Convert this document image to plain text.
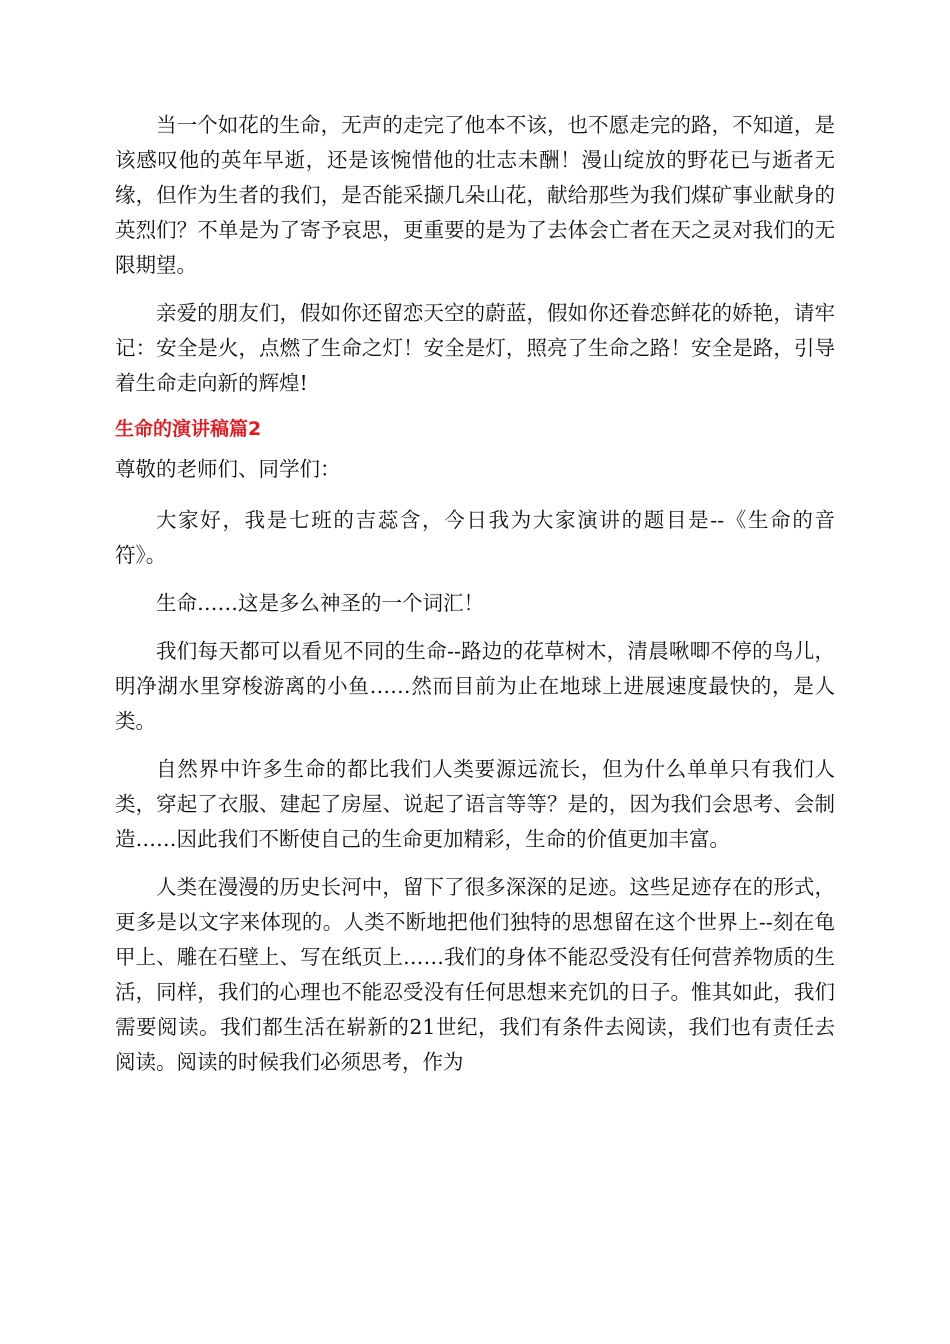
当一个如花的生命，无声的走完了他本不该，也不愿走完的路，不知道，是该感叹他的英年早逝，还是该惋惜他的壮志未酬！漫山绽放的野花已与逝者无缘，但作为生者的我们，是否能采撷几朵山花，献给那些为我们煤矿事业献身的英烈们？不单是为了寄予哀思，更重要的是为了去体会亡者在天之灵对我们的无限期望。

亲爱的朋友们，假如你还留恋天空的蔚蓝，假如你还眷恋鲜花的娇艳，请牢记：安全是火，点燃了生命之灯！安全是灯，照亮了生命之路！安全是路，引导着生命走向新的辉煌!

生命的演讲稿篇2

尊敬的老师们、同学们：

大家好，我是七班的吉蕊含，今日我为大家演讲的题目是--《生命的音符》。

生命……这是多么神圣的一个词汇！

我们每天都可以看见不同的生命--路边的花草树木，清晨啾唧不停的鸟儿，明净湖水里穿梭游离的小鱼……然而目前为止在地球上进展速度最快的，是人类。

自然界中许多生命的都比我们人类要源远流长，但为什么单单只有我们人类，穿起了衣服、建起了房屋、说起了语言等等？是的，因为我们会思考、会制造……因此我们不断使自己的生命更加精彩，生命的价值更加丰富。

人类在漫漫的历史长河中，留下了很多深深的足迹。这些足迹存在的形式，更多是以文字来体现的。人类不断地把他们独特的思想留在这个世界上--刻在龟甲上、雕在石壁上、写在纸页上……我们的身体不能忍受没有任何营养物质的生活，同样，我们的心理也不能忍受没有任何思想来充饥的日子。惟其如此，我们需要阅读。我们都生活在崭新的21世纪，我们有条件去阅读，我们也有责任去阅读。阅读的时候我们必须思考，作为
